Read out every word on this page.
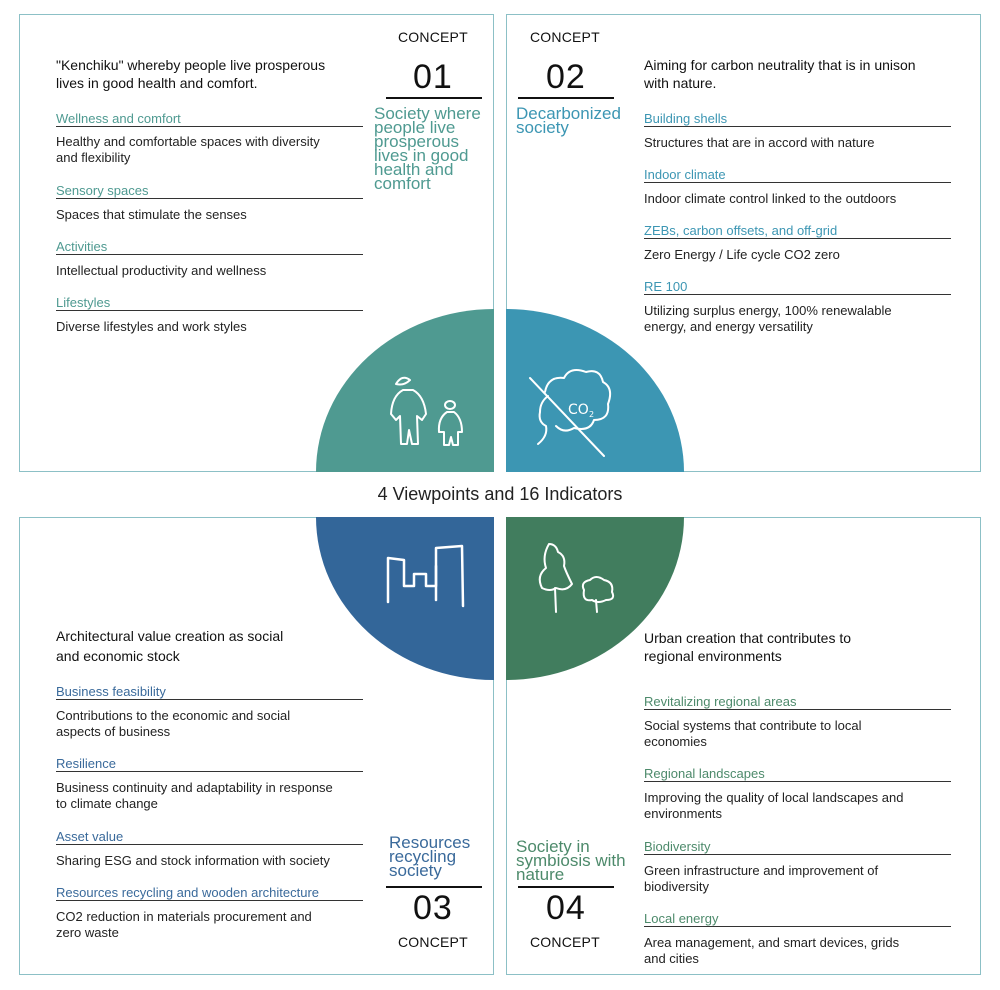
CO 2
CONCEPT
01
Society where
people live
prosperous
lives in good
health and
comfort
CONCEPT
02
Decarbonized
society
Resources
recycling
society
03
CONCEPT
Society in
symbiosis with
nature
04
CONCEPT
"Kenchiku" whereby people live prosperous
lives in good health and comfort.
Aiming for carbon neutrality that is in unison
with nature.
Architectural value creation as social
and economic stock
Urban creation that contributes to
regional environments
Wellness and comfort
Healthy and comfortable spaces with diversity
and flexibility
Sensory spaces
Spaces that stimulate the senses
Activities
Intellectual productivity and wellness
Lifestyles
Diverse lifestyles and work styles
Building shells
Structures that are in accord with nature
Indoor climate
Indoor climate control linked to the outdoors
ZEBs, carbon offsets, and off-grid
Zero Energy / Life cycle CO2 zero
RE 100
Utilizing surplus energy, 100% renewalable
energy, and energy versatility
Business feasibility
Contributions to the economic and social
aspects of business
Resilience
Business continuity and adaptability in response
to climate change
Asset value
Sharing ESG and stock information with society
Resources recycling and wooden architecture
CO2 reduction in materials procurement and
zero waste
Revitalizing regional areas
Social systems that contribute to local
economies
Regional landscapes
Improving the quality of local landscapes and
environments
Biodiversity
Green infrastructure and improvement of
biodiversity
Local energy
Area management, and smart devices, grids
and cities
4 Viewpoints and 16 Indicators
